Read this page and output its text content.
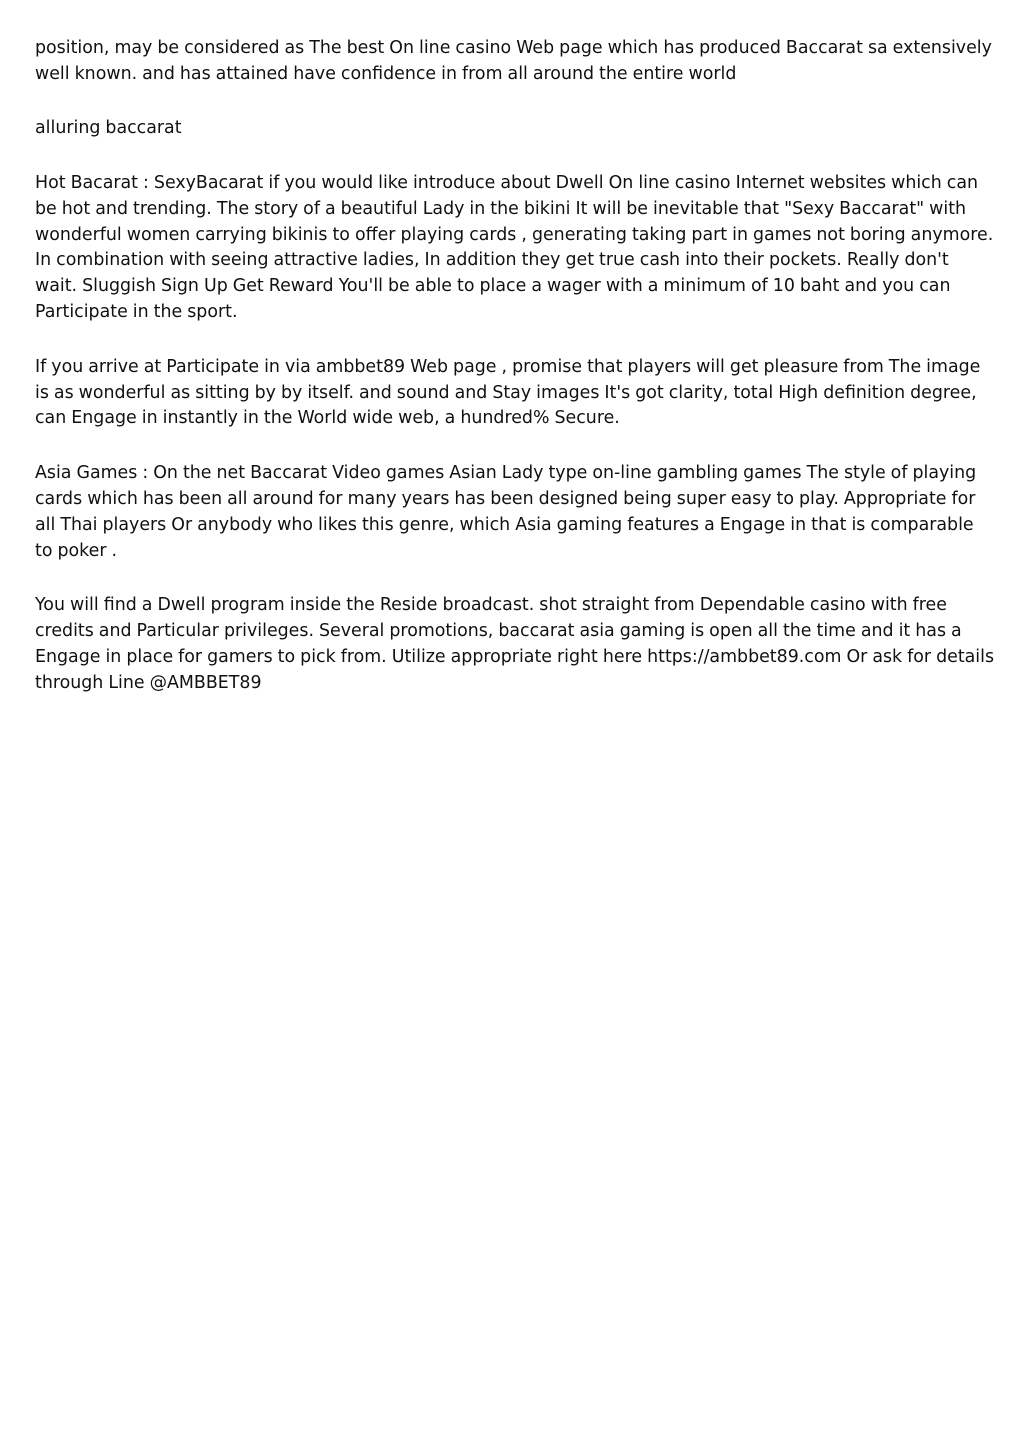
position, may be considered as The best On line casino Web page which has produced Baccarat sa extensively well known. and has attained have confidence in from all around the entire world

alluring baccarat

Hot Bacarat : SexyBacarat if you would like introduce about Dwell On line casino Internet websites which can be hot and trending. The story of a beautiful Lady in the bikini It will be inevitable that "Sexy Baccarat" with wonderful women carrying bikinis to offer playing cards , generating taking part in games not boring anymore. In combination with seeing attractive ladies, In addition they get true cash into their pockets. Really don't wait. Sluggish Sign Up Get Reward You'll be able to place a wager with a minimum of 10 baht and you can Participate in the sport.

If you arrive at Participate in via ambbet89 Web page , promise that players will get pleasure from The image is as wonderful as sitting by by itself. and sound and Stay images It's got clarity, total High definition degree, can Engage in instantly in the World wide web, a hundred% Secure.

Asia Games : On the net Baccarat Video games Asian Lady type on-line gambling games The style of playing cards which has been all around for many years has been designed being super easy to play. Appropriate for all Thai players Or anybody who likes this genre, which Asia gaming features a Engage in that is comparable to poker .

You will find a Dwell program inside the Reside broadcast. shot straight from Dependable casino with free credits and Particular privileges. Several promotions, baccarat asia gaming is open all the time and it has a Engage in place for gamers to pick from. Utilize appropriate right here https://ambbet89.com Or ask for details through Line @AMBBET89
